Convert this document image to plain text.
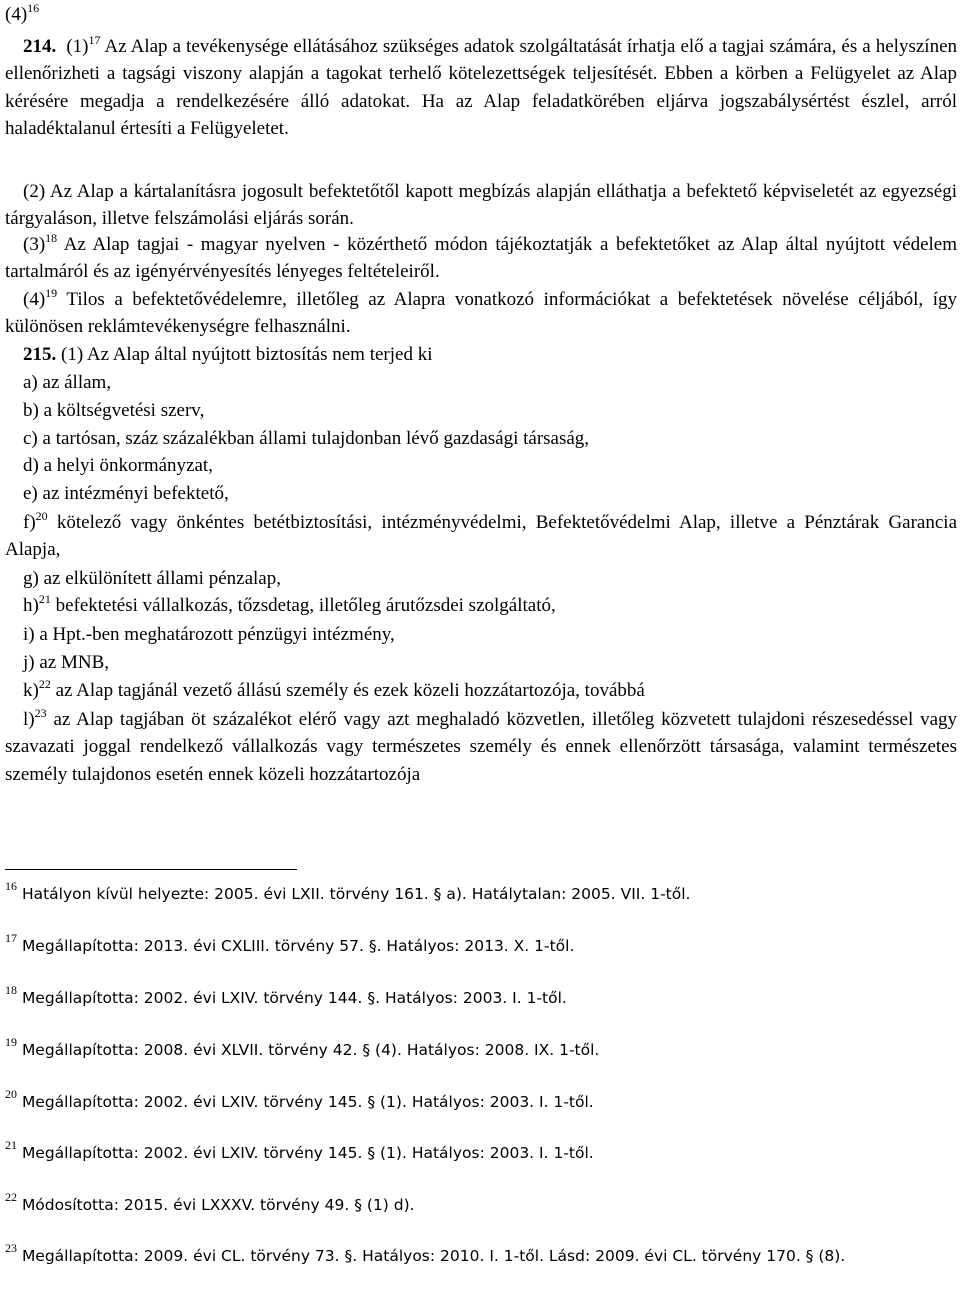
$(4)^{16}$
214. $(1)^{17}$ Az Alap a tevékenysége ellátásához szükséges adatok szolgáltatását írhatja elő a tagjai számára, és a helyszínen ellenőrizheti a tagsági viszony alapján a tagokat terhelő kötelezettségek teljesítését. Ebben a körben a Felügyelet az Alap kérésére megadja a rendelkezésére álló adatokat. Ha az Alap feladatkörében eljárva jogszabálysértést észlel, arról haladéktalanul értesíti a Felügyeletet.
(2) Az Alap a kártalanításra jogosult befektetőtől kapott megbízás alapján elláthatja a befektető képviseletét az egyezségi tárgyaláson, illetve felszámolási eljárás során.
$(3)^{18}$ Az Alap tagjai - magyar nyelven - közérthető módon tájékoztatják a befektetőket az Alap által nyújtott védelem tartalmáról és az igényérvényesítés lényeges feltételeiről.
$(4)^{19}$ Tilos a befektetővédelemre, illetőleg az Alapra vonatkozó információkat a befektetések növelése céljából, így különösen reklámtevékenységre felhasználni.
215. (1) Az Alap által nyújtott biztosítás nem terjed ki
a) az állam,
b) a költségvetési szerv,
c) a tartósan, száz százalékban állami tulajdonban lévő gazdasági társaság,
d) a helyi önkormányzat,
e) az intézményi befektető,
f)$^{20}$ kötelező vagy önkéntes betétbiztosítási, intézményvédelmi, Befektetővédelmi Alap, illetve a Pénztárak Garancia Alapja,
g) az elkülönített állami pénzalap,
h)$^{21}$ befektetési vállalkozás, tőzsdetag, illetőleg árutőzsdei szolgáltató,
i) a Hpt.-ben meghatározott pénzügyi intézmény,
j) az MNB,
k)$^{22}$ az Alap tagjánál vezető állású személy és ezek közeli hozzátartozója, továbbá
l)$^{23}$ az Alap tagjában öt százalékot elérő vagy azt meghaladó közvetlen, illetőleg közvetett tulajdoni részesedéssel vagy szavazati joggal rendelkező vállalkozás vagy természetes személy és ennek ellenőrzött társasága, valamint természetes személy tulajdonos esetén ennek közeli hozzátartozója
$^{16}$ Hatályon kívül helyezte: 2005. évi LXII. törvény 161. § a). Hatálytalan: 2005. VII. 1-től.
$^{17}$ Megállapította: 2013. évi CXLIII. törvény 57. §. Hatályos: 2013. X. 1-től.
$^{18}$ Megállapította: 2002. évi LXIV. törvény 144. §. Hatályos: 2003. I. 1-től.
$^{19}$ Megállapította: 2008. évi XLVII. törvény 42. § (4). Hatályos: 2008. IX. 1-től.
$^{20}$ Megállapította: 2002. évi LXIV. törvény 145. § (1). Hatályos: 2003. I. 1-től.
$^{21}$ Megállapította: 2002. évi LXIV. törvény 145. § (1). Hatályos: 2003. I. 1-től.
$^{22}$ Módosította: 2015. évi LXXXV. törvény 49. § (1) d).
$^{23}$ Megállapította: 2009. évi CL. törvény 73. §. Hatályos: 2010. I. 1-től. Lásd: 2009. évi CL. törvény 170. § (8).
